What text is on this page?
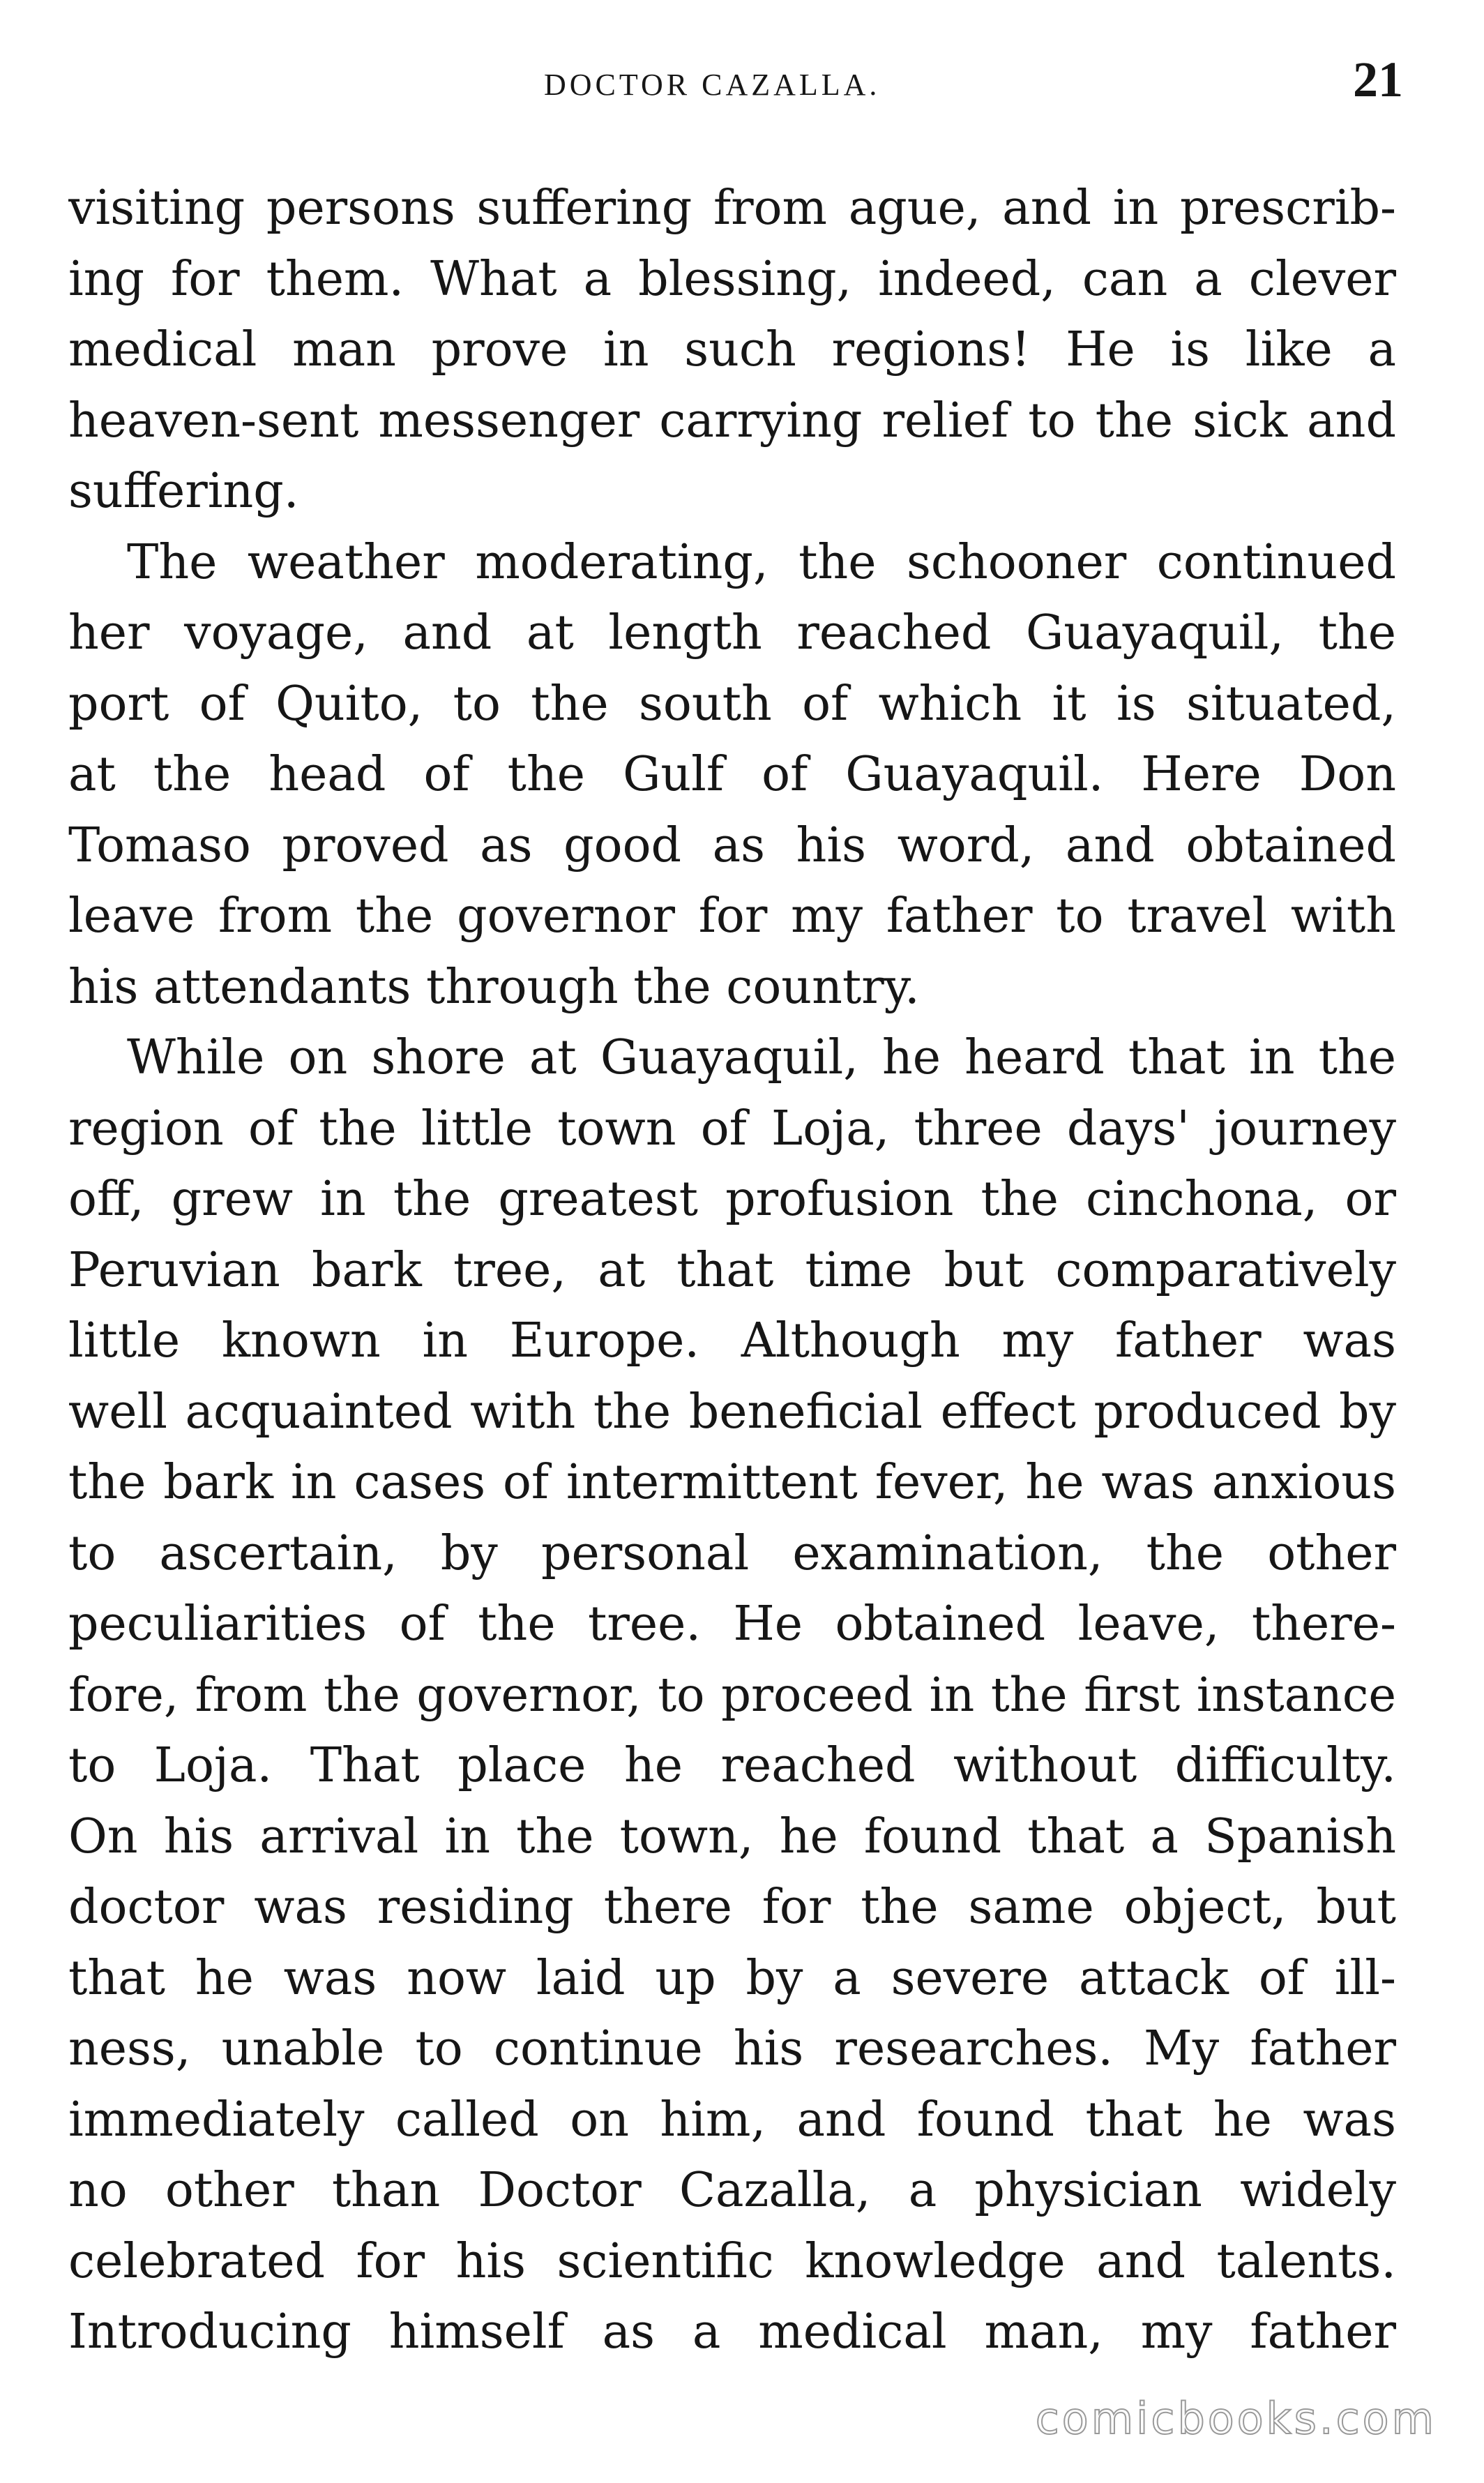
DOCTOR CAZALLA.	21
visiting persons suffering from ague, and in prescrib-
ing for them. What a blessing, indeed, can a clever
medical man prove in such regions! He is like a
heaven-sent messenger carrying relief to the sick and
suffering.
The weather moderating, the schooner continued
her voyage, and at length reached Guayaquil, the
port of Quito, to the south of which it is situated,
at the head of the Gulf of Guayaquil. Here Don
Tomaso proved as good as his word, and obtained
leave from the governor for my father to travel with
his attendants through the country.
While on shore at Guayaquil, he heard that in the
region of the little town of Loja, three days' journey
off, grew in the greatest profusion the cinchona, or
Peruvian bark tree, at that time but comparatively
little known in Europe. Although my father was
well acquainted with the beneficial effect produced by
the bark in cases of intermittent fever, he was anxious
to ascertain, by personal examination, the other
peculiarities of the tree. He obtained leave, there-
fore, from the governor, to proceed in the first instance
to Loja. That place he reached without difficulty.
On his arrival in the town, he found that a Spanish
doctor was residing there for the same object, but
that he was now laid up by a severe attack of ill-
ness, unable to continue his researches. My father
immediately called on him, and found that he was
no other than Doctor Cazalla, a physician widely
celebrated for his scientific knowledge and talents.
Introducing himself as a medical man, my father
comicbooks.com
